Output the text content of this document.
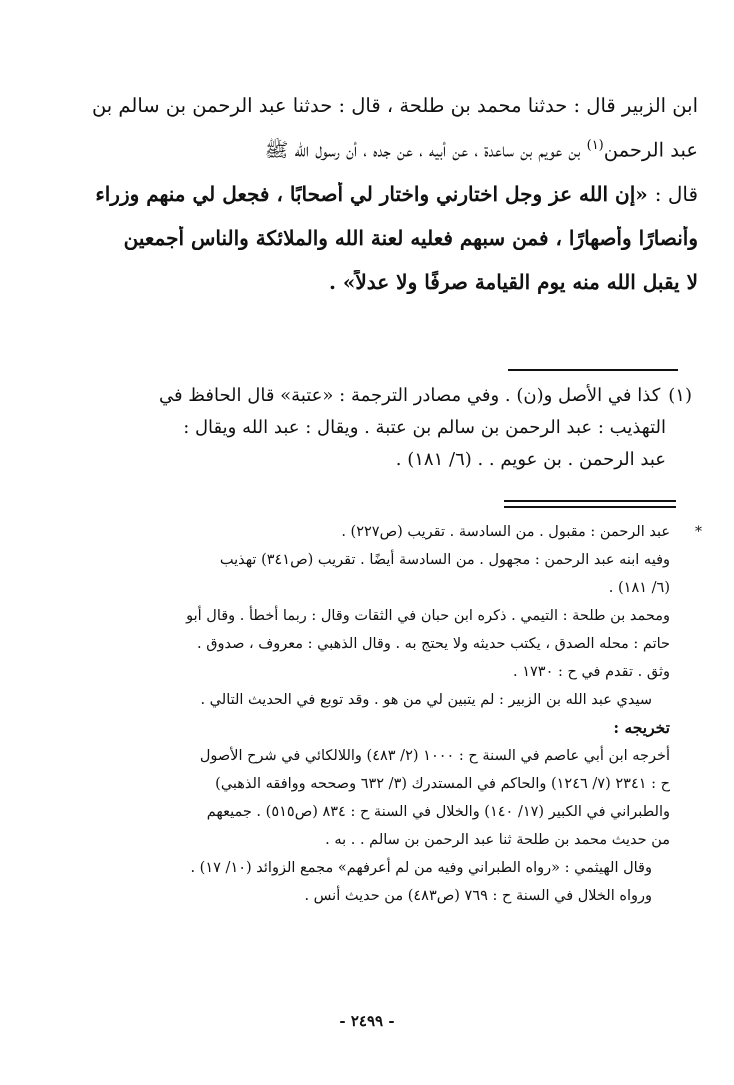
ابن الزبير قال : حدثنا محمد بن طلحة ، قال : حدثنا عبد الرحمن بن سالم بن
عبد الرحمن$^{(١)}$ بن عويم بن ساعدة ، عن أبيه ، عن جده ، أن رسول الله ﷺ
قال : «إن الله عز وجل اختارني واختار لي أصحابًا ، فجعل لي منهم وزراء
وأنصارًا وأصهارًا ، فمن سبهم فعليه لعنة الله والملائكة والناس أجمعين
لا يقبل الله منه يوم القيامة صرفًا ولا عدلاً» .
(١)كذا في الأصل و(ن) . وفي مصادر الترجمة : «عتبة» قال الحافظ في
التهذيب : عبد الرحمن بن سالم بن عتبة . ويقال : عبد الله ويقال :
عبد الرحمن . بن عويم . . (٦/ ١٨١) .
*
عبد الرحمن : مقبول . من السادسة . تقريب (ص٢٢٧) .
وفيه ابنه عبد الرحمن : مجهول . من السادسة أيضًا . تقريب (ص٣٤١) تهذيب
(٦/ ١٨١) .
ومحمد بن طلحة : التيمي . ذكره ابن حبان في الثقات وقال : ربما أخطأ . وقال أبو
حاتم : محله الصدق ، يكتب حديثه ولا يحتج به . وقال الذهبي : معروف ، صدوق .
وثق . تقدم في ح : ١٧٣٠ .
سيدي عبد الله بن الزبير : لم يتبين لي من هو . وقد توبع في الحديث التالي .
تخريجه :
أخرجه ابن أبي عاصم في السنة ح : ١٠٠٠ (٢/ ٤٨٣) واللالكائي في شرح الأصول
ح : ٢٣٤١ (٧/ ١٢٤٦) والحاكم في المستدرك (٣/ ٦٣٢ وصححه ووافقه الذهبي)
والطبراني في الكبير (١٧/ ١٤٠) والخلال في السنة ح : ٨٣٤ (ص٥١٥) . جميعهم
من حديث محمد بن طلحة ثنا عبد الرحمن بن سالم . . به .
وقال الهيثمي : «رواه الطبراني وفيه من لم أعرفهم» مجمع الزوائد (١٠/ ١٧) .
ورواه الخلال في السنة ح : ٧٦٩ (ص٤٨٣) من حديث أنس .
- ٢٤٩٩ -
